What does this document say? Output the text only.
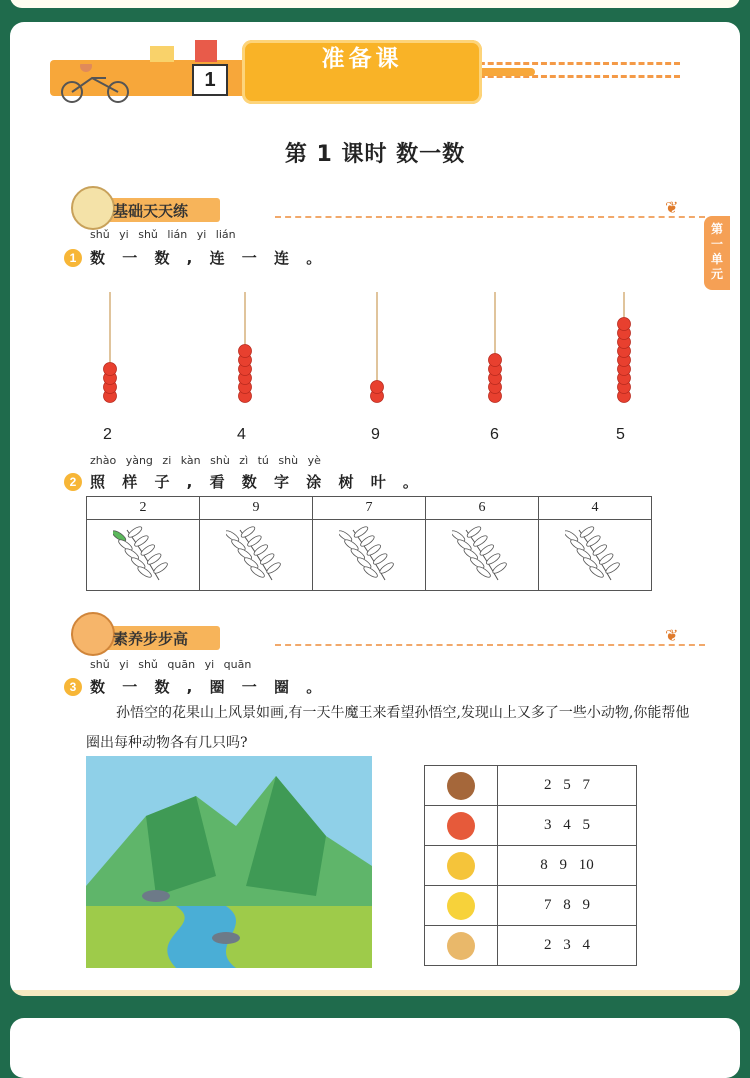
1
准备课
第 1 课时 数一数
第
一
单
元
基础天天练	❦
shǔ yi shǔ lián yi lián
1 数 一 数 , 连 一 连 。
2	4	9	6	5
zhào yàng zi kàn shù zì tú shù yè
2 照 样 子 , 看 数 字 涂 树 叶 。
2	9	7	6	4

素养步步高	❦
shǔ yi shǔ quān yi quān
3 数 一 数 , 圈 一 圈 。
孙悟空的花果山上风景如画,有一天牛魔王来看望孙悟空,发现山上又多了一些小动物,你能帮他圈出每种动物各有几只吗?
	2 5 7
	3 4 5
	8 9 10
	7 8 9
	2 3 4
